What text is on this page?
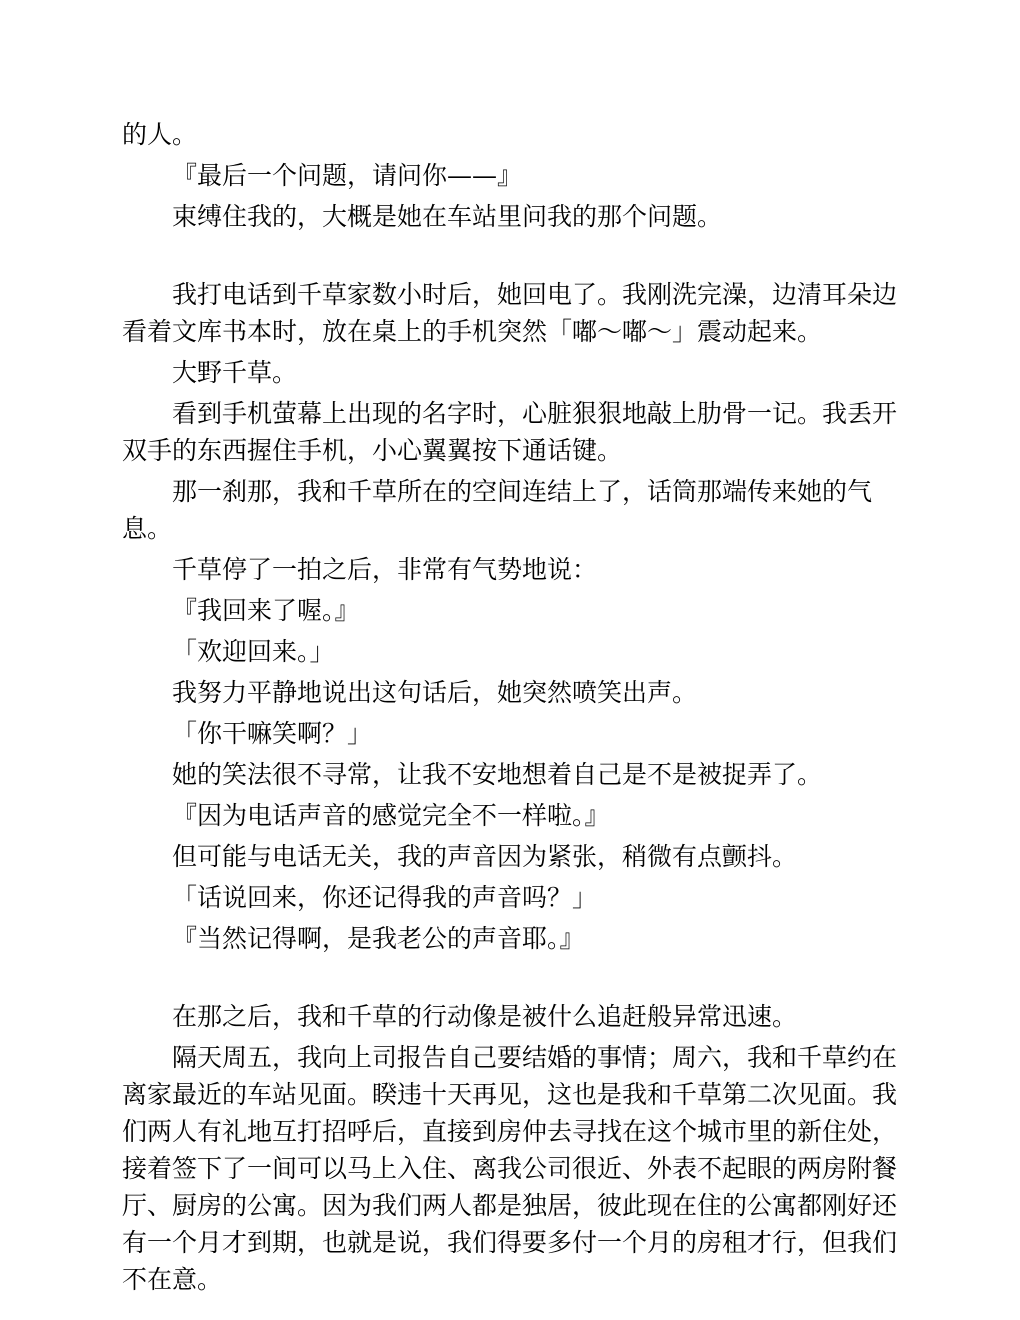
的人。

『最后一个问题，请问你——』

束缚住我的，大概是她在车站里问我的那个问题。

我打电话到千草家数小时后，她回电了。我刚洗完澡，边清耳朵边看着文库书本时，放在桌上的手机突然「嘟～嘟～」震动起来。

大野千草。

看到手机萤幕上出现的名字时，心脏狠狠地敲上肋骨一记。我丢开双手的东西握住手机，小心翼翼按下通话键。

那一刹那，我和千草所在的空间连结上了，话筒那端传来她的气息。

千草停了一拍之后，非常有气势地说：

『我回来了喔。』

「欢迎回来。」

我努力平静地说出这句话后，她突然喷笑出声。

「你干嘛笑啊？」

她的笑法很不寻常，让我不安地想着自己是不是被捉弄了。

『因为电话声音的感觉完全不一样啦。』

但可能与电话无关，我的声音因为紧张，稍微有点颤抖。

「话说回来，你还记得我的声音吗？」

『当然记得啊，是我老公的声音耶。』

在那之后，我和千草的行动像是被什么追赶般异常迅速。

隔天周五，我向上司报告自己要结婚的事情；周六，我和千草约在离家最近的车站见面。睽违十天再见，这也是我和千草第二次见面。我们两人有礼地互打招呼后，直接到房仲去寻找在这个城市里的新住处，接着签下了一间可以马上入住、离我公司很近、外表不起眼的两房附餐厅、厨房的公寓。因为我们两人都是独居，彼此现在住的公寓都刚好还有一个月才到期，也就是说，我们得要多付一个月的房租才行，但我们不在意。
